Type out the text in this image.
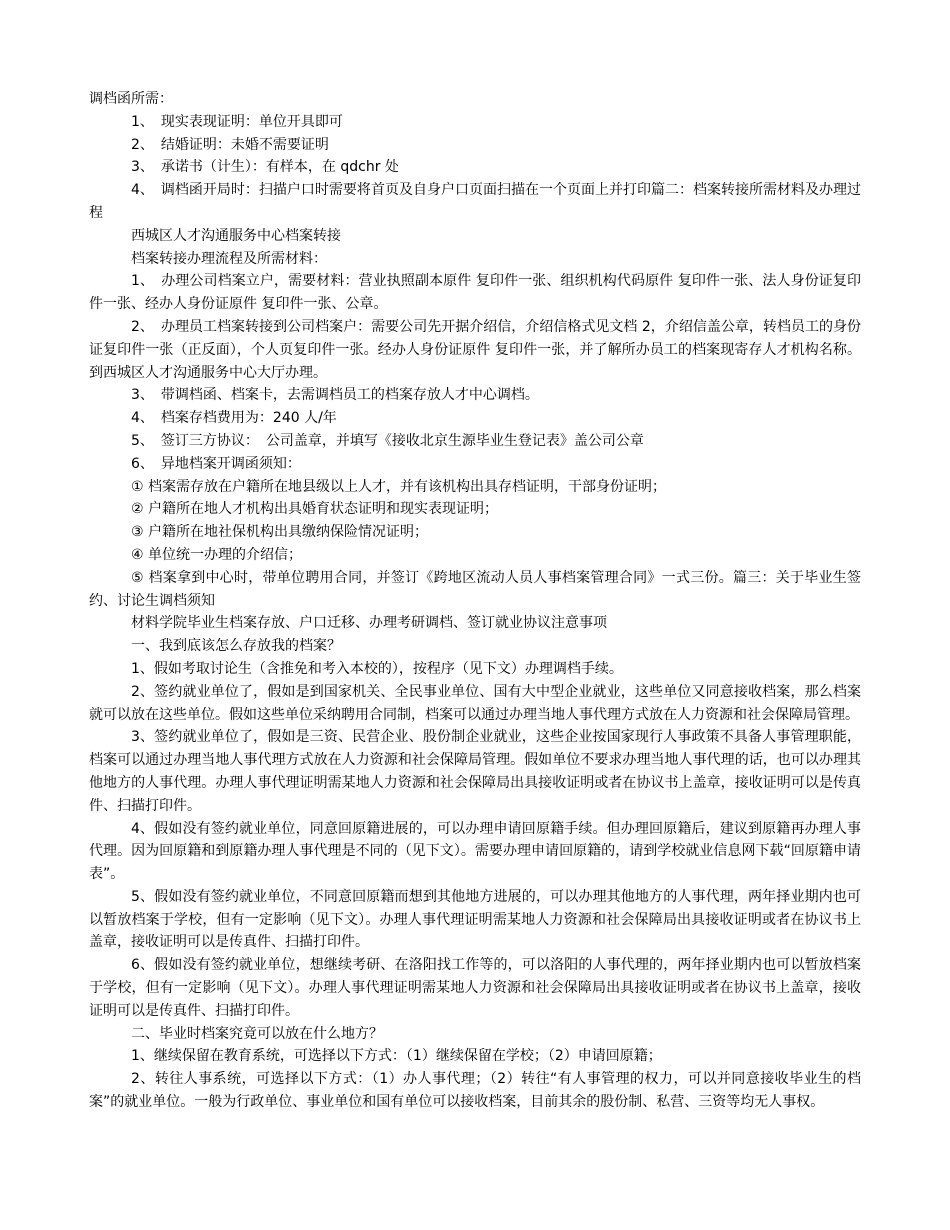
调档函所需：

1、　现实表现证明：单位开具即可

2、　结婚证明：未婚不需要证明

3、　承诺书（计生）：有样本，在 qdchr 处

4、　调档函开局时：扫描户口时需要将首页及自身户口页面扫描在一个页面上并打印篇二：档案转接所需材料及办理过程

西城区人才沟通服务中心档案转接

档案转接办理流程及所需材料：

1、　办理公司档案立户，需要材料：营业执照副本原件 复印件一张、组织机构代码原件 复印件一张、法人身份证复印件一张、经办人身份证原件 复印件一张、公章。

2、　办理员工档案转接到公司档案户：需要公司先开据介绍信，介绍信格式见文档 2，介绍信盖公章，转档员工的身份证复印件一张（正反面），个人页复印件一张。经办人身份证原件 复印件一张，并了解所办员工的档案现寄存人才机构名称。到西城区人才沟通服务中心大厅办理。

3、　带调档函、档案卡，去需调档员工的档案存放人才中心调档。

4、　档案存档费用为：240 人/年

5、　签订三方协议：　公司盖章，并填写《接收北京生源毕业生登记表》盖公司公章

6、　异地档案开调函须知：

① 档案需存放在户籍所在地县级以上人才，并有该机构出具存档证明，干部身份证明；

② 户籍所在地人才机构出具婚育状态证明和现实表现证明；

③ 户籍所在地社保机构出具缴纳保险情况证明；

④ 单位统一办理的介绍信；

⑤ 档案拿到中心时，带单位聘用合同，并签订《跨地区流动人员人事档案管理合同》一式三份。篇三：关于毕业生签约、讨论生调档须知

材料学院毕业生档案存放、户口迁移、办理考研调档、签订就业协议注意事项

一、我到底该怎么存放我的档案？

1、假如考取讨论生（含推免和考入本校的），按程序（见下文）办理调档手续。

2、签约就业单位了，假如是到国家机关、全民事业单位、国有大中型企业就业，这些单位又同意接收档案，那么档案就可以放在这些单位。假如这些单位采纳聘用合同制，档案可以通过办理当地人事代理方式放在人力资源和社会保障局管理。

3、签约就业单位了，假如是三资、民营企业、股份制企业就业，这些企业按国家现行人事政策不具备人事管理职能，档案可以通过办理当地人事代理方式放在人力资源和社会保障局管理。假如单位不要求办理当地人事代理的话，也可以办理其他地方的人事代理。办理人事代理证明需某地人力资源和社会保障局出具接收证明或者在协议书上盖章，接收证明可以是传真件、扫描打印件。

4、假如没有签约就业单位，同意回原籍进展的，可以办理申请回原籍手续。但办理回原籍后，建议到原籍再办理人事代理。因为回原籍和到原籍办理人事代理是不同的（见下文）。需要办理申请回原籍的，请到学校就业信息网下载“回原籍申请表”。

5、假如没有签约就业单位，不同意回原籍而想到其他地方进展的，可以办理其他地方的人事代理，两年择业期内也可以暂放档案于学校，但有一定影响（见下文）。办理人事代理证明需某地人力资源和社会保障局出具接收证明或者在协议书上盖章，接收证明可以是传真件、扫描打印件。

6、假如没有签约就业单位，想继续考研、在洛阳找工作等的，可以洛阳的人事代理的，两年择业期内也可以暂放档案于学校，但有一定影响（见下文）。办理人事代理证明需某地人力资源和社会保障局出具接收证明或者在协议书上盖章，接收证明可以是传真件、扫描打印件。

二、毕业时档案究竟可以放在什么地方？

1、继续保留在教育系统，可选择以下方式：（1）继续保留在学校；（2）申请回原籍；

2、转往人事系统，可选择以下方式：（1）办人事代理；（2）转往“有人事管理的权力，可以并同意接收毕业生的档案”的就业单位。一般为行政单位、事业单位和国有单位可以接收档案，目前其余的股份制、私营、三资等均无人事权。
